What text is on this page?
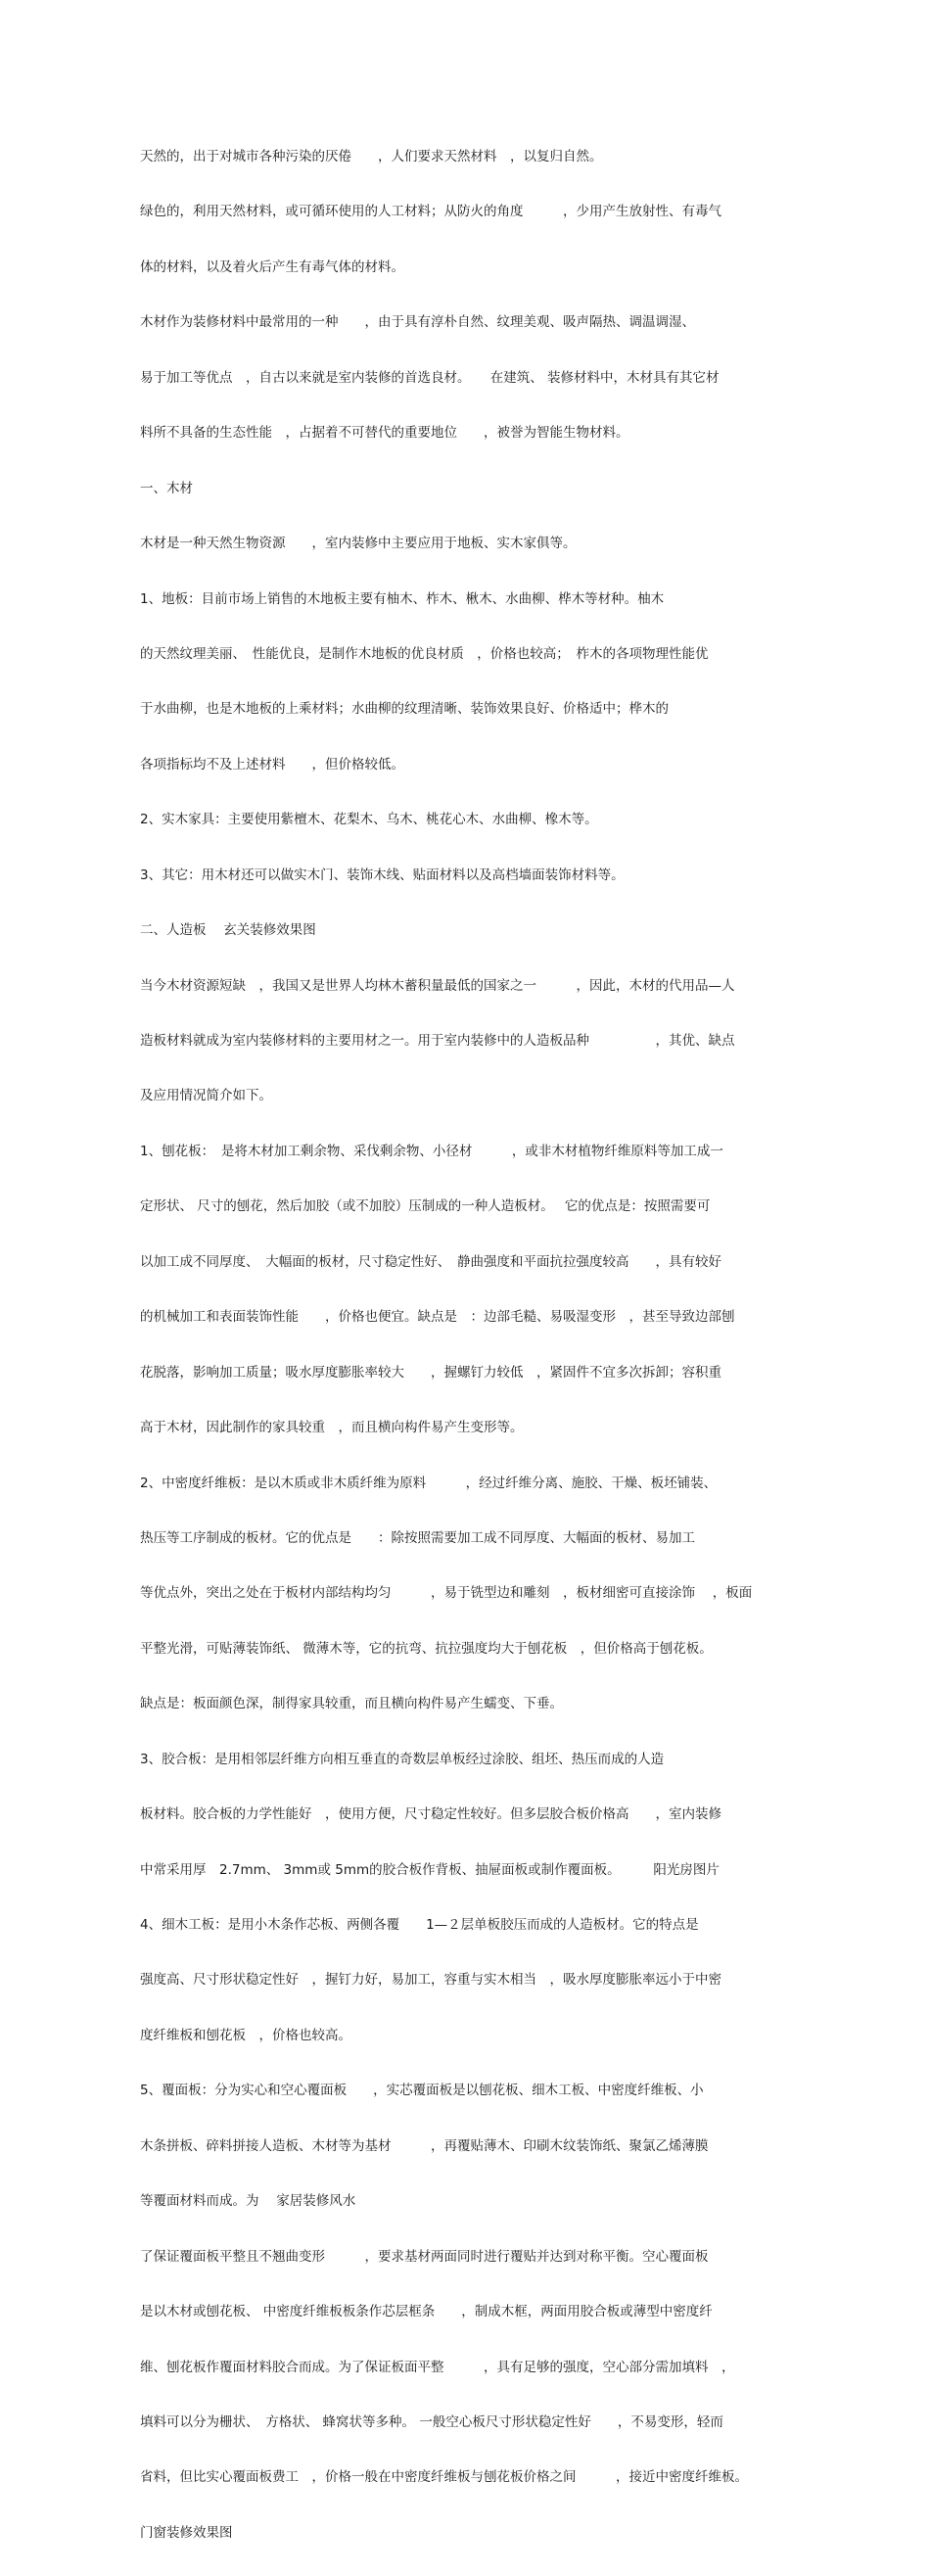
天然的，出于对城市各种污染的厌倦　　，人们要求天然材料　，以复归自然。

绿色的，利用天然材料，或可循环使用的人工材料；从防火的角度　　　，少用产生放射性、有毒气

体的材料，以及着火后产生有毒气体的材料。

木材作为装修材料中最常用的一种　　，由于具有淳朴自然、纹理美观、吸声隔热、调温调湿、

易于加工等优点　，自古以来就是室内装修的首选良材。　　在建筑、 装修材料中，木材具有其它材

料所不具备的生态性能　，占据着不可替代的重要地位　　，被誉为智能生物材料。

一、木材

木材是一种天然生物资源　　，室内装修中主要应用于地板、实木家俱等。

1、地板：目前市场上销售的木地板主要有柚木、柞木、楸木、水曲柳、桦木等材种。柚木

的天然纹理美丽、　性能优良，是制作木地板的优良材质　，价格也较高；　柞木的各项物理性能优

于水曲柳，也是木地板的上乘材料；水曲柳的纹理清晰、装饰效果良好、价格适中；桦木的

各项指标均不及上述材料　　，但价格较低。

2、实木家具：主要使用紫檀木、花梨木、乌木、桃花心木、水曲柳、橡木等。

3、其它：用木材还可以做实木门、装饰木线、贴面材料以及高档墙面装饰材料等。

二、人造板　 玄关装修效果图

当今木材资源短缺　，我国又是世界人均林木蓄积量最低的国家之一　　　，因此，木材的代用品—人

造板材料就成为室内装修材料的主要用材之一。用于室内装修中的人造板品种　　　　　，其优、缺点

及应用情况简介如下。

1、刨花板：　是将木材加工剩余物、采伐剩余物、小径材　　　，或非木材植物纤维原料等加工成一

定形状、 尺寸的刨花，然后加胶（或不加胶）压制成的一种人造板材。　 它的优点是：按照需要可

以加工成不同厚度、　大幅面的板材，尺寸稳定性好、　静曲强度和平面抗拉强度较高　　，具有较好

的机械加工和表面装饰性能　　，价格也便宜。缺点是　：边部毛糙、易吸湿变形　，甚至导致边部刨

花脱落，影响加工质量；吸水厚度膨胀率较大　　，握螺钉力较低　，紧固件不宜多次拆卸；容积重

高于木材，因此制作的家具较重　，而且横向构件易产生变形等。

2、中密度纤维板：是以木质或非木质纤维为原料　　　，经过纤维分离、施胶、干燥、板坯铺装、

热压等工序制成的板材。它的优点是　　：除按照需要加工成不同厚度、大幅面的板材、易加工

等优点外，突出之处在于板材内部结构均匀　　　，易于铣型边和雕刻　，板材细密可直接涂饰　 ，板面

平整光滑，可贴薄装饰纸、 微薄木等，它的抗弯、抗拉强度均大于刨花板　，但价格高于刨花板。

缺点是：板面颜色深，制得家具较重，而且横向构件易产生蠕变、下垂。

3、胶合板：是用相邻层纤维方向相互垂直的奇数层单板经过涂胶、组坯、热压而成的人造

板材料。胶合板的力学性能好　，使用方便，尺寸稳定性较好。但多层胶合板价格高　　，室内装修

中常采用厚　2.7mm、 3mm或 5mm的胶合板作背板、抽屉面板或制作覆面板。　　　阳光房图片

4、细木工板：是用小木条作芯板、两侧各覆　　1—２层单板胶压而成的人造板材。它的特点是

强度高、尺寸形状稳定性好　，握钉力好，易加工，容重与实木相当　，吸水厚度膨胀率远小于中密

度纤维板和刨花板　，价格也较高。

5、覆面板：分为实心和空心覆面板　　，实芯覆面板是以刨花板、细木工板、中密度纤维板、小

木条拼板、碎料拼接人造板、木材等为基材　　　，再覆贴薄木、印刷木纹装饰纸、聚氯乙烯薄膜

等覆面材料而成。为　 家居装修风水

了保证覆面板平整且不翘曲变形　　　，要求基材两面同时进行覆贴并达到对称平衡。空心覆面板

是以木材或刨花板、 中密度纤维板板条作芯层框条　　，制成木框，两面用胶合板或薄型中密度纤

维、刨花板作覆面材料胶合而成。为了保证板面平整　　　，具有足够的强度，空心部分需加填料　，

填料可以分为栅状、　方格状、 蜂窝状等多种。 一般空心板尺寸形状稳定性好　　，不易变形，轻而

省料，但比实心覆面板费工　，价格一般在中密度纤维板与刨花板价格之间　　　，接近中密度纤维板。

门窗装修效果图
